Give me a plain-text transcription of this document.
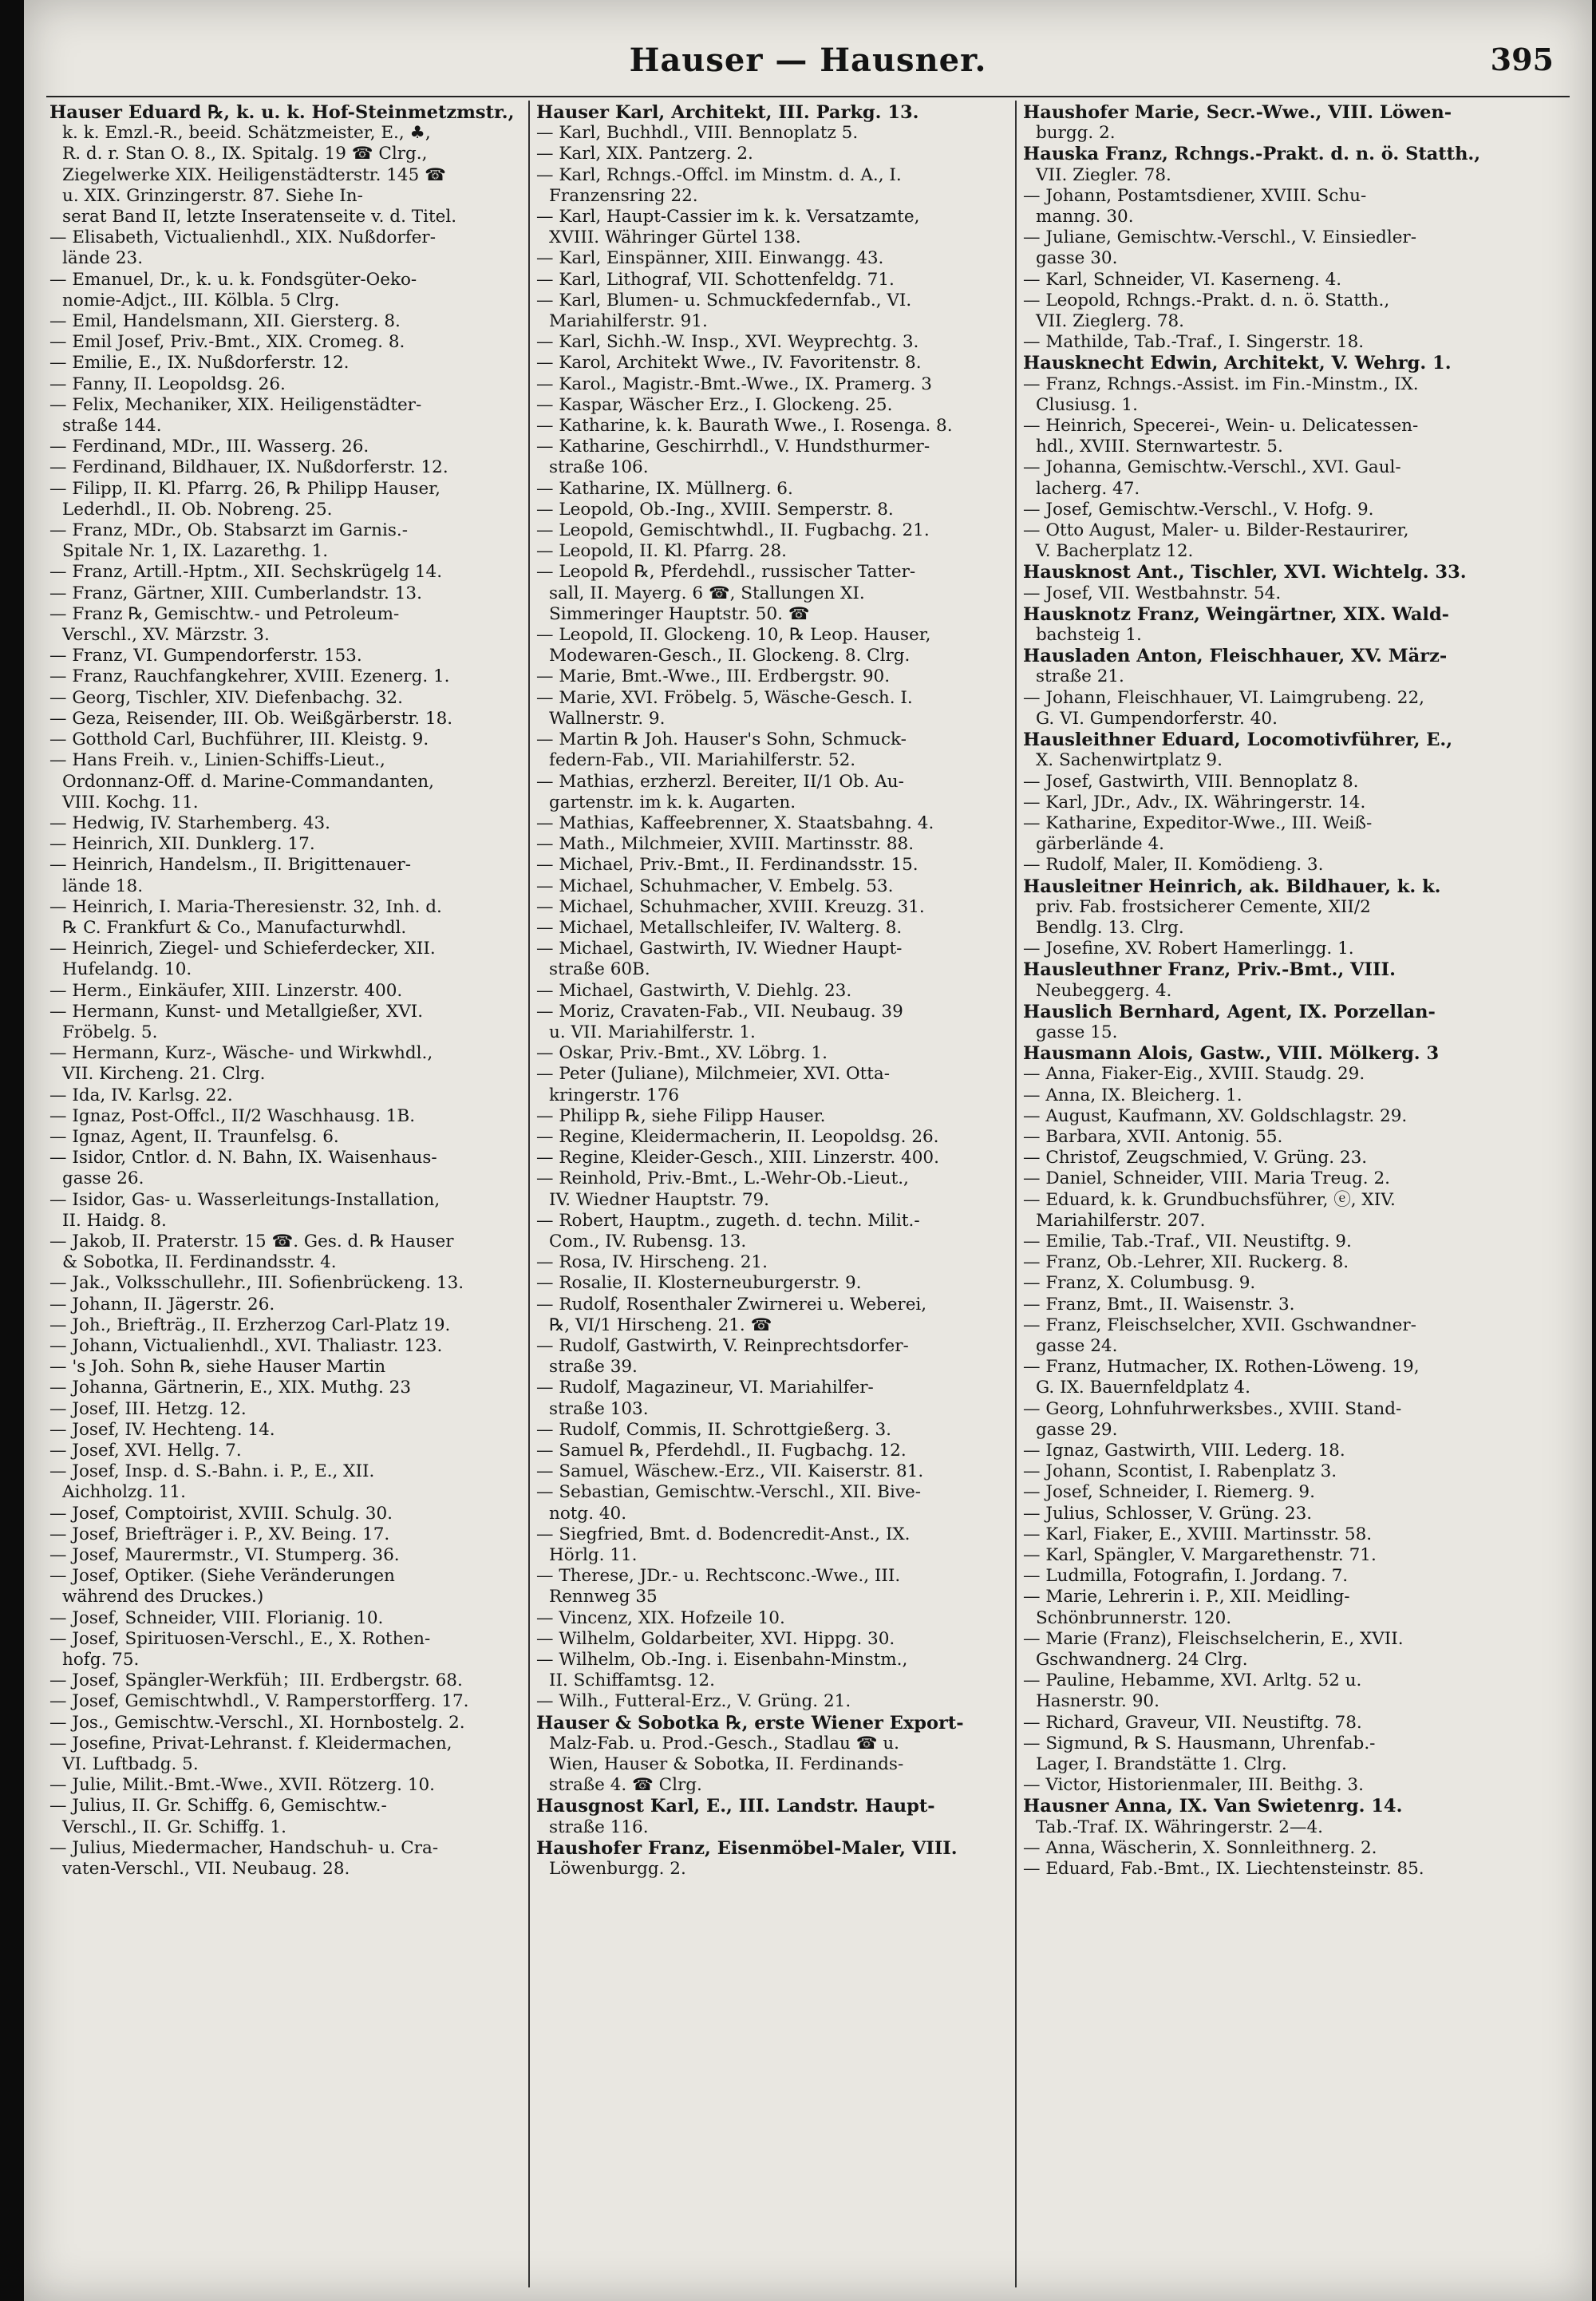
Hauser — Hausner.	395

Hauser Eduard ℞, k. u. k. Hof-Steinmetzmstr.,

k. k. Emzl.-R., beeid. Schätzmeister, E., ♣,

R. d. r. Stan O. 8., IX. Spitalg. 19 ☎ Clrg.,

Ziegelwerke XIX. Heiligenstädterstr. 145 ☎

u. XIX. Grinzingerstr. 87. Siehe In-

serat Band II, letzte Inseratenseite v. d. Titel.

— Elisabeth, Victualienhdl., XIX. Nußdorfer-

lände 23.

— Emanuel, Dr., k. u. k. Fondsgüter-Oeko-

nomie-Adjct., III. Kölbla. 5 Clrg.

— Emil, Handelsmann, XII. Giersterg. 8.

— Emil Josef, Priv.-Bmt., XIX. Cromeg. 8.

— Emilie, E., IX. Nußdorferstr. 12.

— Fanny, II. Leopoldsg. 26.

— Felix, Mechaniker, XIX. Heiligenstädter-

straße 144.

— Ferdinand, MDr., III. Wasserg. 26.

— Ferdinand, Bildhauer, IX. Nußdorferstr. 12.

— Filipp, II. Kl. Pfarrg. 26, ℞ Philipp Hauser,

Lederhdl., II. Ob. Nobreng. 25.

— Franz, MDr., Ob. Stabsarzt im Garnis.-

Spitale Nr. 1, IX. Lazarethg. 1.

— Franz, Artill.-Hptm., XII. Sechskrügelg 14.

— Franz, Gärtner, XIII. Cumberlandstr. 13.

— Franz ℞, Gemischtw.- und Petroleum-

Verschl., XV. Märzstr. 3.

— Franz, VI. Gumpendorferstr. 153.

— Franz, Rauchfangkehrer, XVIII. Ezenerg. 1.

— Georg, Tischler, XIV. Diefenbachg. 32.

— Geza, Reisender, III. Ob. Weißgärberstr. 18.

— Gotthold Carl, Buchführer, III. Kleistg. 9.

— Hans Freih. v., Linien-Schiffs-Lieut.,

Ordonnanz-Off. d. Marine-Commandanten,

VIII. Kochg. 11.

— Hedwig, IV. Starhemberg. 43.

— Heinrich, XII. Dunklerg. 17.

— Heinrich, Handelsm., II. Brigittenauer-

lände 18.

— Heinrich, I. Maria-Theresienstr. 32, Inh. d.

℞ C. Frankfurt & Co., Manufacturwhdl.

— Heinrich, Ziegel- und Schieferdecker, XII.

Hufelandg. 10.

— Herm., Einkäufer, XIII. Linzerstr. 400.

— Hermann, Kunst- und Metallgießer, XVI.

Fröbelg. 5.

— Hermann, Kurz-, Wäsche- und Wirkwhdl.,

VII. Kircheng. 21. Clrg.

— Ida, IV. Karlsg. 22.

— Ignaz, Post-Offcl., II/2 Waschhausg. 1B.

— Ignaz, Agent, II. Traunfelsg. 6.

— Isidor, Cntlor. d. N. Bahn, IX. Waisenhaus-

gasse 26.

— Isidor, Gas- u. Wasserleitungs-Installation,

II. Haidg. 8.

— Jakob, II. Praterstr. 15 ☎. Ges. d. ℞ Hauser

& Sobotka, II. Ferdinandsstr. 4.

— Jak., Volksschullehr., III. Sofienbrückeng. 13.

— Johann, II. Jägerstr. 26.

— Joh., Briefträg., II. Erzherzog Carl-Platz 19.

— Johann, Victualienhdl., XVI. Thaliastr. 123.

— 's Joh. Sohn ℞, siehe Hauser Martin

— Johanna, Gärtnerin, E., XIX. Muthg. 23

— Josef, III. Hetzg. 12.

— Josef, IV. Hechteng. 14.

— Josef, XVI. Hellg. 7.

— Josef, Insp. d. S.-Bahn. i. P., E., XII.

Aichholzg. 11.

— Josef, Comptoirist, XVIII. Schulg. 30.

— Josef, Briefträger i. P., XV. Being. 17.

— Josef, Maurermstr., VI. Stumperg. 36.

— Josef, Optiker. (Siehe Veränderungen

während des Druckes.)

— Josef, Schneider, VIII. Florianig. 10.

— Josef, Spirituosen-Verschl., E., X. Rothen-

hofg. 75.

— Josef, Spängler-Werkfüh；III. Erdbergstr. 68.

— Josef, Gemischtwhdl., V. Ramperstorfferg. 17.

— Jos., Gemischtw.-Verschl., XI. Hornbostelg. 2.

— Josefine, Privat-Lehranst. f. Kleidermachen,

VI. Luftbadg. 5.

— Julie, Milit.-Bmt.-Wwe., XVII. Rötzerg. 10.

— Julius, II. Gr. Schiffg. 6, Gemischtw.-

Verschl., II. Gr. Schiffg. 1.

— Julius, Miedermacher, Handschuh- u. Cra-

vaten-Verschl., VII. Neubaug. 28.

Hauser Karl, Architekt, III. Parkg. 13.

— Karl, Buchhdl., VIII. Bennoplatz 5.

— Karl, XIX. Pantzerg. 2.

— Karl, Rchngs.-Offcl. im Minstm. d. A., I.

Franzensring 22.

— Karl, Haupt-Cassier im k. k. Versatzamte,

XVIII. Währinger Gürtel 138.

— Karl, Einspänner, XIII. Einwangg. 43.

— Karl, Lithograf, VII. Schottenfeldg. 71.

— Karl, Blumen- u. Schmuckfedernfab., VI.

Mariahilferstr. 91.

— Karl, Sichh.-W. Insp., XVI. Weyprechtg. 3.

— Karol, Architekt Wwe., IV. Favoritenstr. 8.

— Karol., Magistr.-Bmt.-Wwe., IX. Pramerg. 3

— Kaspar, Wäscher Erz., I. Glockeng. 25.

— Katharine, k. k. Baurath Wwe., I. Rosenga. 8.

— Katharine, Geschirrhdl., V. Hundsthurmer-

straße 106.

— Katharine, IX. Müllnerg. 6.

— Leopold, Ob.-Ing., XVIII. Semperstr. 8.

— Leopold, Gemischtwhdl., II. Fugbachg. 21.

— Leopold, II. Kl. Pfarrg. 28.

— Leopold ℞, Pferdehdl., russischer Tatter-

sall, II. Mayerg. 6 ☎, Stallungen XI.

Simmeringer Hauptstr. 50. ☎

— Leopold, II. Glockeng. 10, ℞ Leop. Hauser,

Modewaren-Gesch., II. Glockeng. 8. Clrg.

— Marie, Bmt.-Wwe., III. Erdbergstr. 90.

— Marie, XVI. Fröbelg. 5, Wäsche-Gesch. I.

Wallnerstr. 9.

— Martin ℞ Joh. Hauser's Sohn, Schmuck-

federn-Fab., VII. Mariahilferstr. 52.

— Mathias, erzherzl. Bereiter, II/1 Ob. Au-

gartenstr. im k. k. Augarten.

— Mathias, Kaffeebrenner, X. Staatsbahng. 4.

— Math., Milchmeier, XVIII. Martinsstr. 88.

— Michael, Priv.-Bmt., II. Ferdinandsstr. 15.

— Michael, Schuhmacher, V. Embelg. 53.

— Michael, Schuhmacher, XVIII. Kreuzg. 31.

— Michael, Metallschleifer, IV. Walterg. 8.

— Michael, Gastwirth, IV. Wiedner Haupt-

straße 60B.

— Michael, Gastwirth, V. Diehlg. 23.

— Moriz, Cravaten-Fab., VII. Neubaug. 39

u. VII. Mariahilferstr. 1.

— Oskar, Priv.-Bmt., XV. Löbrg. 1.

— Peter (Juliane), Milchmeier, XVI. Otta-

kringerstr. 176

— Philipp ℞, siehe Filipp Hauser.

— Regine, Kleidermacherin, II. Leopoldsg. 26.

— Regine, Kleider-Gesch., XIII. Linzerstr. 400.

— Reinhold, Priv.-Bmt., L.-Wehr-Ob.-Lieut.,

IV. Wiedner Hauptstr. 79.

— Robert, Hauptm., zugeth. d. techn. Milit.-

Com., IV. Rubensg. 13.

— Rosa, IV. Hirscheng. 21.

— Rosalie, II. Klosterneuburgerstr. 9.

— Rudolf, Rosenthaler Zwirnerei u. Weberei,

℞, VI/1 Hirscheng. 21. ☎

— Rudolf, Gastwirth, V. Reinprechtsdorfer-

straße 39.

— Rudolf, Magazineur, VI. Mariahilfer-

straße 103.

— Rudolf, Commis, II. Schrottgießerg. 3.

— Samuel ℞, Pferdehdl., II. Fugbachg. 12.

— Samuel, Wäschew.-Erz., VII. Kaiserstr. 81.

— Sebastian, Gemischtw.-Verschl., XII. Bive-

notg. 40.

— Siegfried, Bmt. d. Bodencredit-Anst., IX.

Hörlg. 11.

— Therese, JDr.- u. Rechtsconc.-Wwe., III.

Rennweg 35

— Vincenz, XIX. Hofzeile 10.

— Wilhelm, Goldarbeiter, XVI. Hippg. 30.

— Wilhelm, Ob.-Ing. i. Eisenbahn-Minstm.,

II. Schiffamtsg. 12.

— Wilh., Futteral-Erz., V. Grüng. 21.

Hauser & Sobotka ℞, erste Wiener Export-

Malz-Fab. u. Prod.-Gesch., Stadlau ☎ u.

Wien, Hauser & Sobotka, II. Ferdinands-

straße 4. ☎ Clrg.

Hausgnost Karl, E., III. Landstr. Haupt-

straße 116.

Haushofer Franz, Eisenmöbel-Maler, VIII.

Löwenburgg. 2.

Haushofer Marie, Secr.-Wwe., VIII. Löwen-

burgg. 2.

Hauska Franz, Rchngs.-Prakt. d. n. ö. Statth.,

VII. Ziegler. 78.

— Johann, Postamtsdiener, XVIII. Schu-

manng. 30.

— Juliane, Gemischtw.-Verschl., V. Einsiedler-

gasse 30.

— Karl, Schneider, VI. Kaserneng. 4.

— Leopold, Rchngs.-Prakt. d. n. ö. Statth.,

VII. Zieglerg. 78.

— Mathilde, Tab.-Traf., I. Singerstr. 18.

Hausknecht Edwin, Architekt, V. Wehrg. 1.

— Franz, Rchngs.-Assist. im Fin.-Minstm., IX.

Clusiusg. 1.

— Heinrich, Specerei-, Wein- u. Delicatessen-

hdl., XVIII. Sternwartestr. 5.

— Johanna, Gemischtw.-Verschl., XVI. Gaul-

lacherg. 47.

— Josef, Gemischtw.-Verschl., V. Hofg. 9.

— Otto August, Maler- u. Bilder-Restaurirer,

V. Bacherplatz 12.

Hausknost Ant., Tischler, XVI. Wichtelg. 33.

— Josef, VII. Westbahnstr. 54.

Hausknotz Franz, Weingärtner, XIX. Wald-

bachsteig 1.

Hausladen Anton, Fleischhauer, XV. März-

straße 21.

— Johann, Fleischhauer, VI. Laimgrubeng. 22,

G. VI. Gumpendorferstr. 40.

Hausleithner Eduard, Locomotivführer, E.,

X. Sachenwirtplatz 9.

— Josef, Gastwirth, VIII. Bennoplatz 8.

— Karl, JDr., Adv., IX. Währingerstr. 14.

— Katharine, Expeditor-Wwe., III. Weiß-

gärberlände 4.

— Rudolf, Maler, II. Komödieng. 3.

Hausleitner Heinrich, ak. Bildhauer, k. k.

priv. Fab. frostsicherer Cemente, XII/2

Bendlg. 13. Clrg.

— Josefine, XV. Robert Hamerlingg. 1.

Hausleuthner Franz, Priv.-Bmt., VIII.

Neubeggerg. 4.

Hauslich Bernhard, Agent, IX. Porzellan-

gasse 15.

Hausmann Alois, Gastw., VIII. Mölkerg. 3

— Anna, Fiaker-Eig., XVIII. Staudg. 29.

— Anna, IX. Bleicherg. 1.

— August, Kaufmann, XV. Goldschlagstr. 29.

— Barbara, XVII. Antonig. 55.

— Christof, Zeugschmied, V. Grüng. 23.

— Daniel, Schneider, VIII. Maria Treug. 2.

— Eduard, k. k. Grundbuchsführer, ⓔ, XIV.

Mariahilferstr. 207.

— Emilie, Tab.-Traf., VII. Neustiftg. 9.

— Franz, Ob.-Lehrer, XII. Ruckerg. 8.

— Franz, X. Columbusg. 9.

— Franz, Bmt., II. Waisenstr. 3.

— Franz, Fleischselcher, XVII. Gschwandner-

gasse 24.

— Franz, Hutmacher, IX. Rothen-Löweng. 19,

G. IX. Bauernfeldplatz 4.

— Georg, Lohnfuhrwerksbes., XVIII. Stand-

gasse 29.

— Ignaz, Gastwirth, VIII. Lederg. 18.

— Johann, Scontist, I. Rabenplatz 3.

— Josef, Schneider, I. Riemerg. 9.

— Julius, Schlosser, V. Grüng. 23.

— Karl, Fiaker, E., XVIII. Martinsstr. 58.

— Karl, Spängler, V. Margarethenstr. 71.

— Ludmilla, Fotografin, I. Jordang. 7.

— Marie, Lehrerin i. P., XII. Meidling-

Schönbrunnerstr. 120.

— Marie (Franz), Fleischselcherin, E., XVII.

Gschwandnerg. 24 Clrg.

— Pauline, Hebamme, XVI. Arltg. 52 u.

Hasnerstr. 90.

— Richard, Graveur, VII. Neustiftg. 78.

— Sigmund, ℞ S. Hausmann, Uhrenfab.-

Lager, I. Brandstätte 1. Clrg.

— Victor, Historienmaler, III. Beithg. 3.

Hausner Anna, IX. Van Swietenrg. 14.

Tab.-Traf. IX. Währingerstr. 2—4.

— Anna, Wäscherin, X. Sonnleithnerg. 2.

— Eduard, Fab.-Bmt., IX. Liechtensteinstr. 85.
